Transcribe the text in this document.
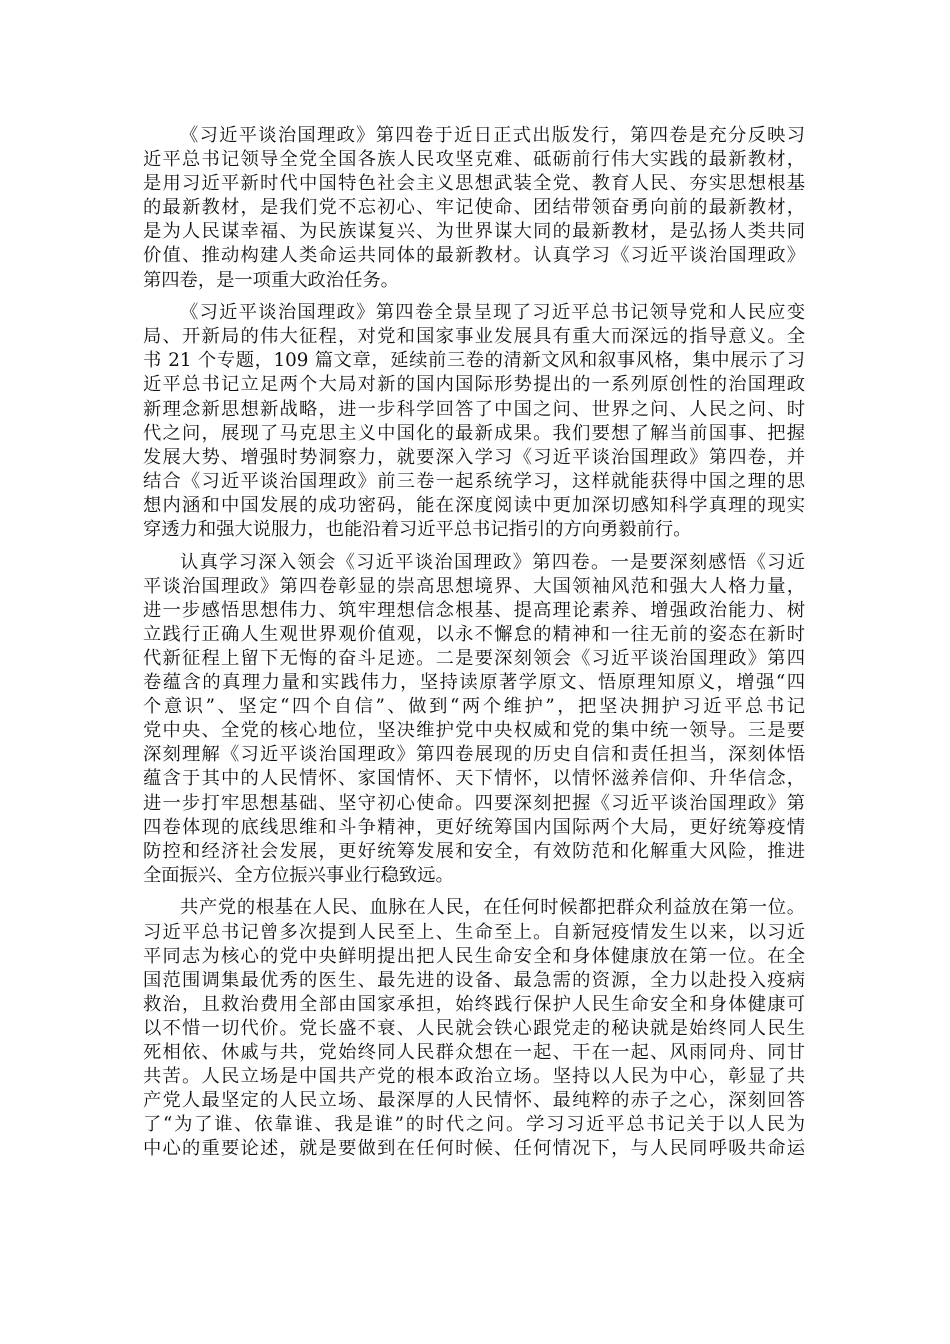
《习近平谈治国理政》第四卷于近日正式出版发行，第四卷是充分反映习
近平总书记领导全党全国各族人民攻坚克难、砥砺前行伟大实践的最新教材，
是用习近平新时代中国特色社会主义思想武装全党、教育人民、夯实思想根基
的最新教材，是我们党不忘初心、牢记使命、团结带领奋勇向前的最新教材，
是为人民谋幸福、为民族谋复兴、为世界谋大同的最新教材，是弘扬人类共同
价值、推动构建人类命运共同体的最新教材。认真学习《习近平谈治国理政》
第四卷，是一项重大政治任务。
《习近平谈治国理政》第四卷全景呈现了习近平总书记领导党和人民应变
局、开新局的伟大征程，对党和国家事业发展具有重大而深远的指导意义。全
书 21 个专题，109 篇文章，延续前三卷的清新文风和叙事风格，集中展示了习
近平总书记立足两个大局对新的国内国际形势提出的一系列原创性的治国理政
新理念新思想新战略，进一步科学回答了中国之问、世界之问、人民之问、时
代之问，展现了马克思主义中国化的最新成果。我们要想了解当前国事、把握
发展大势、增强时势洞察力，就要深入学习《习近平谈治国理政》第四卷，并
结合《习近平谈治国理政》前三卷一起系统学习，这样就能获得中国之理的思
想内涵和中国发展的成功密码，能在深度阅读中更加深切感知科学真理的现实
穿透力和强大说服力，也能沿着习近平总书记指引的方向勇毅前行。
认真学习深入领会《习近平谈治国理政》第四卷。一是要深刻感悟《习近
平谈治国理政》第四卷彰显的崇高思想境界、大国领袖风范和强大人格力量，
进一步感悟思想伟力、筑牢理想信念根基、提高理论素养、增强政治能力、树
立践行正确人生观世界观价值观，以永不懈怠的精神和一往无前的姿态在新时
代新征程上留下无悔的奋斗足迹。二是要深刻领会《习近平谈治国理政》第四
卷蕴含的真理力量和实践伟力，坚持读原著学原文、悟原理知原义，增强“四
个意识”、坚定“四个自信”、做到“两个维护”，把坚决拥护习近平总书记
党中央、全党的核心地位，坚决维护党中央权威和党的集中统一领导。三是要
深刻理解《习近平谈治国理政》第四卷展现的历史自信和责任担当，深刻体悟
蕴含于其中的人民情怀、家国情怀、天下情怀，以情怀滋养信仰、升华信念，
进一步打牢思想基础、坚守初心使命。四要深刻把握《习近平谈治国理政》第
四卷体现的底线思维和斗争精神，更好统筹国内国际两个大局，更好统筹疫情
防控和经济社会发展，更好统筹发展和安全，有效防范和化解重大风险，推进
全面振兴、全方位振兴事业行稳致远。
共产党的根基在人民、血脉在人民，在任何时候都把群众利益放在第一位。
习近平总书记曾多次提到人民至上、生命至上。自新冠疫情发生以来，以习近
平同志为核心的党中央鲜明提出把人民生命安全和身体健康放在第一位。在全
国范围调集最优秀的医生、最先进的设备、最急需的资源，全力以赴投入疫病
救治，且救治费用全部由国家承担，始终践行保护人民生命安全和身体健康可
以不惜一切代价。党长盛不衰、人民就会铁心跟党走的秘诀就是始终同人民生
死相依、休戚与共，党始终同人民群众想在一起、干在一起、风雨同舟、同甘
共苦。人民立场是中国共产党的根本政治立场。坚持以人民为中心，彰显了共
产党人最坚定的人民立场、最深厚的人民情怀、最纯粹的赤子之心，深刻回答
了“为了谁、依靠谁、我是谁”的时代之问。学习习近平总书记关于以人民为
中心的重要论述，就是要做到在任何时候、任何情况下，与人民同呼吸共命运
